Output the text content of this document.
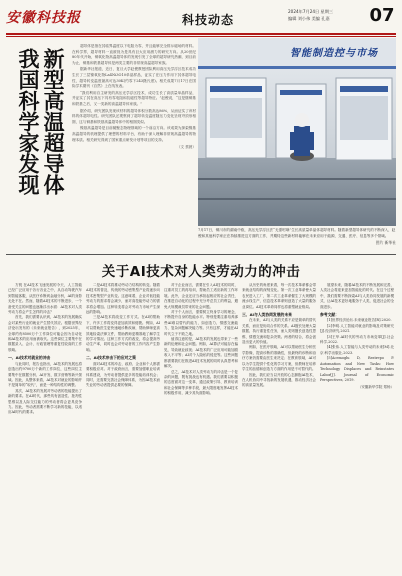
安徽科技报	科技动态
2024年7月24日 星期三
编辑 刘小伟 美编 孔嘉 07
新型高温超导体
我国科学家发现

超导体是指在其临界温度以下电阻为零，并且能够完全排斥磁场的材料。在科学界，超导材料一直被视为是具有巨大应用潜力的研究方向。从20世纪80年代开始，铜氧化物高温超导体的发现引发了全球的超导研究热潮，到目前为止，铜基和铁基超导体是两类主要的非常规高温超导家族。

据新华社报道，近日，复旦大学赵俊教授团队利用高压光学浮区技术成功生长了三层镍氧化物La4Ni3O10单晶样品，证实了在压力作用下其体超导电性，超导转变温度最高可达30K(约零下243摄氏度)。相关成果7月17日在国际学术期刊《自然》上在线发表。

“我们利用自主研发的高压光学浮区技术，成功生长了高质量单晶样品，并证实了其在高压下具有零电阻和抗磁性等超导特征。”赵俊说，“这是继铜基和铁基之后，又一类新的高温超导体家族。”

据介绍，研究团队发现该材料的超导体积分数高达86%，从而证实了该材料的体超导电性。研究团队还观察到了超导转变温度随压力变化呈现穹顶形相图，这与铜基和铁基高温超导体中的相图类似。

镍基高温超导是目前凝聚态物理领域的一个前沿方向。该成果为探索镍基高温超导的机理提供了理想的材料平台，有助于深入理解非常规高温超导的物理本质。相关研究得到了国家重点研发计划等项目的支持。

（文 蔡晨）
智能制造控与市场
7月17日，铜川市的湖南中欧，高压光学浮区法“无需坩埚”生长高质量单晶体超导材料。随着新型超导体研究的不断深入，赵俊和其他科学家正在持续推进这方面的工作，并期待这些新材料能够在未来应用于能源、交通、医疗、信息等多个领域。
图片 新华社
关于AI技术对人类劳动力的冲击

方锐 在AI技术飞速发展的今天，人工智能已经广泛应用于各行各业之中，从自动驾驶汽车到智能客服，从医疗诊断到金融分析，AI的身影无处不在。然而，随着AI技术的不断进步，一个备受关注的问题也逐渐浮出水面：AI技术对人类劳动力将会产生怎样的冲击？

首先，我们需要认识到，AI技术的发展确实会对某些行业的就业产生替代效应。根据世界经济论坛发布的《未来就业报告》，到2025年，全球约有8500万个工作岗位可能会因为自动化和AI技术的应用而被取代。这些岗位主要集中在数据录入、会计、行政管理等重复性较高的工作领域。

一、AI技术对就业的冲击

与此同时，报告也指出，AI技术的发展也将创造出约9700万个新的工作岗位，这些岗位主要集中在数据分析、AI开发、数字营销等新兴领域。因此，从整体来看，AI技术对就业的影响并不是简单的“取代”，而是一种结构性的调整。

其次，AI技术的发展对劳动者的技能提出了新的要求。在AI时代，那些具有创造性、批判性思维以及人际交往能力的劳动者将会更具竞争力。因此，劳动者需要不断学习新的技能，以适应AI时代的要求。

二是AI技术将推动劳动力结构的转变。随着AI技术的普及，传统的劳动密集型产业将逐步向技术密集型产业转变。这意味着，企业对低技能劳动力的需求将会减少，而对高技能劳动力的需求将会增加。这种转变将会对劳动力市场产生深远的影响。

三是AI技术将改变工作方式。在AI的帮助下，许多工作将变得更加高效和便捷。例如，AI可以帮助医生更快速地诊断疾病，帮助律师更高效地检索法律文件，帮助教师更精准地了解学生的学习情况。这种工作方式的改变，将会提高劳动生产率，同时也会对劳动者的工作内容产生影响。

二、AI技术冲击下的应对之策

面对AI技术的冲击，政府、企业和个人都需要积极应对。对于政府而言，需要加强职业培训体系建设，为劳动者提供更多的技能培训机会；同时，还需要完善社会保障体系，为因AI技术而失业的劳动者提供必要的保障。

对于企业而言，需要在引入AI技术的同时，注重对员工的再培训，帮助员工适应新的工作环境。此外，企业还应当承担起相应的社会责任，在推进自动化的过程中充分考虑员工的利益，避免大规模裁员带来的社会问题。

对于个人而言，需要树立终身学习的理念，不断提升自身的技能水平。特别是要注重培养那些AI难以替代的能力，如创造力、情感交流能力、复杂问题解决能力等。只有这样，才能在AI时代立于不败之地。

值得注意的是，AI技术的发展也带来了一些新的伦理和社会问题。例如，AI算法可能存在偏见，导致就业歧视；AI技术的广泛应用可能加剧收入不平等；AI对个人隐私的侵犯等。这些问题都需要我们在推进AI技术发展的同时认真思考和解决。

总之，AI技术对人类劳动力的冲击是一个复杂的问题，既有挑战也有机遇。我们需要以积极的态度面对这一变革，通过政策引导、教育培训和社会保障等多种手段，最大限度地发挥AI技术的积极作用，减少其负面影响。

从历史的角度来看，每一次技术革命都会带来就业结构的深刻变化。第一次工业革命使大量农民进入工厂，第二次工业革命催生了大规模的流水线生产，信息技术革命则创造了大量的服务业岗位。AI技术革命同样也将重塑就业格局。

三、AI与人类协同发展的未来

在未来，AI与人类的关系不应是简单的替代关系，而应是协同合作的关系。AI擅长处理大量数据、执行重复性任务，而人类则擅长创造性思维、情感交流和复杂决策。两者的结合，将会创造出更大的价值。

例如，在医疗领域，AI可以帮助医生分析医学影像，提高诊断的准确性，但最终的诊断和治疗方案仍需要由医生来决定；在教育领域，AI可以为学生提供个性化的学习方案，但教师在培养学生的品德和创造力方面的作用是不可替代的。

因此，我们应当以开放的心态拥抱AI技术，在人机协同中寻找新的发展机遇，推动经济社会的高质量发展。

展望未来，随着AI技术的不断发展和完善，人类社会将迎来更加智能化的时代。在这个过程中，我们需要不断探索AI与人类协同发展的新模式，让AI技术更好地服务于人类，促进社会的全面进步。

参考文献：

[1]世界经济论坛.未来就业报告[R].2020.

[2]李明.人工智能对就业的影响及对策研究[J].经济研究,2021.

[3]王华.AI时代的劳动力市场变革[J].社会科学,2022.

[4]张伟.人工智能与人类劳动的未来[M].北京:科学出版社,2023.

[5]Acemoglu D, Restrepo P. Automation and New Tasks: How Technology Displaces and Reinstates Labor[J]. Journal of Economic Perspectives, 2019.

（安徽新华学院 郑杨）
